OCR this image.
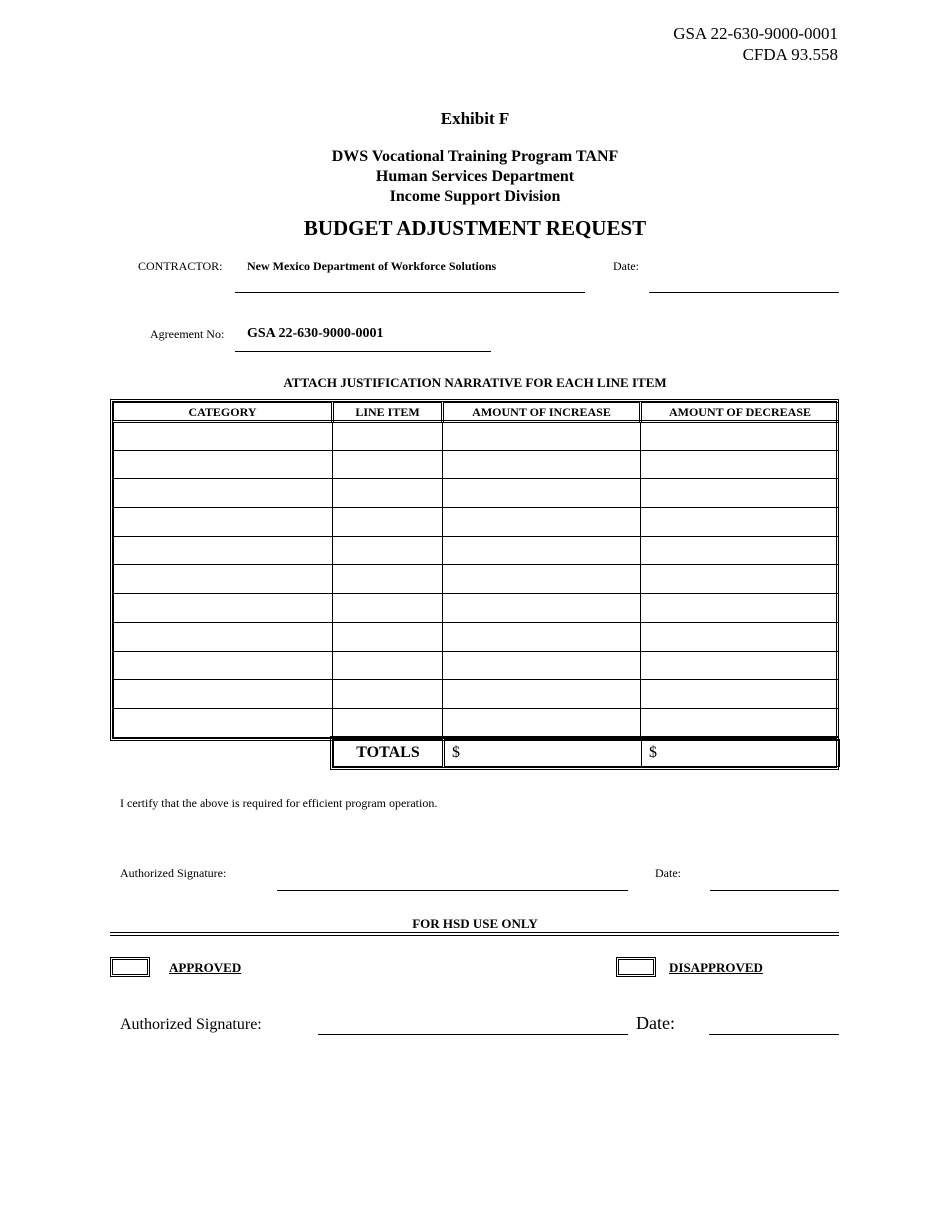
GSA 22-630-9000-0001
CFDA 93.558
Exhibit F
DWS Vocational Training Program TANF
Human Services Department
Income Support Division
BUDGET ADJUSTMENT REQUEST
CONTRACTOR: New Mexico Department of Workforce Solutions	Date:
Agreement No: GSA 22-630-9000-0001
ATTACH JUSTIFICATION NARRATIVE FOR EACH LINE ITEM
CATEGORY	LINE ITEM	AMOUNT OF INCREASE	AMOUNT OF DECREASE

TOTALS	$	$
I certify that the above is required for efficient program operation.
Authorized Signature:	Date:
FOR HSD USE ONLY
APPROVED	DISAPPROVED
Authorized Signature:	Date:
